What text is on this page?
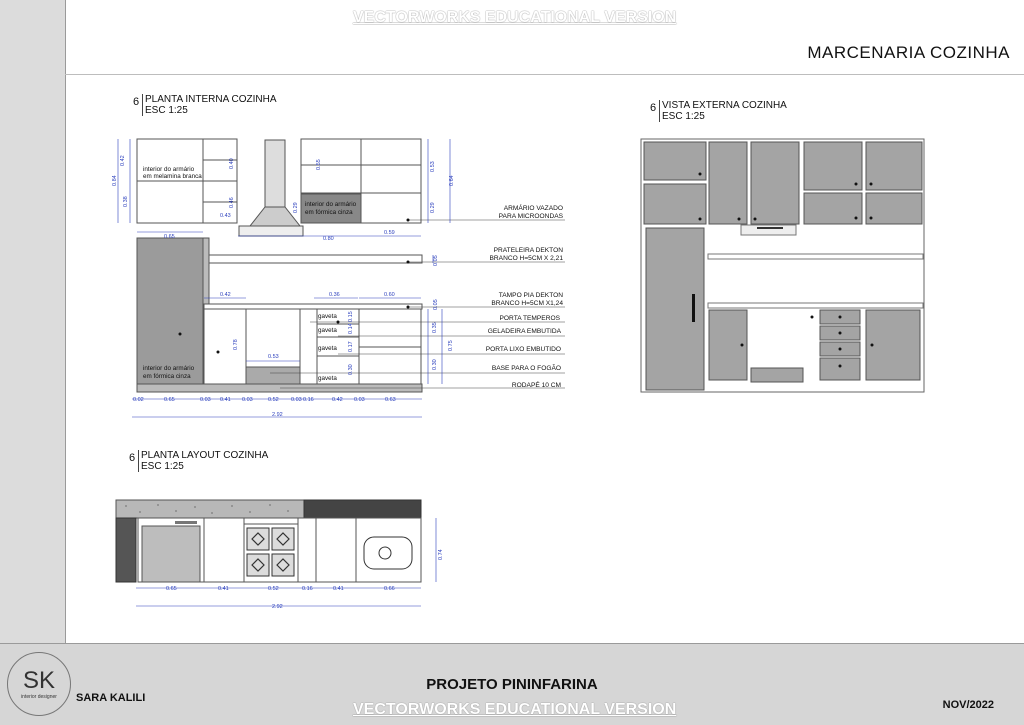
VECTORWORKS EDUCATIONAL VERSION
MARCENARIA COZINHA
6 PLANTA INTERNA COZINHA
ESC 1:25	6 VISTA EXTERNA COZINHA
ESC 1:25
6 PLANTA LAYOUT COZINHA
ESC 1:25
interior do armário
em melamina branca
interior do armário
em fórmica cinza
interior do armário
em fórmica cinza
gaveta
gaveta
gaveta
gaveta
ARMÁRIO VAZADO
PARA MICROONDAS
PRATELEIRA DEKTON
BRANCO H=5CM X 2,21
TAMPO PIA DEKTON
BRANCO H=5CM X1,24
PORTA TEMPEROS
GELADEIRA EMBUTIDA
PORTA LIXO EMBUTIDO
BASE PARA O FOGÃO
RODAPÉ 10 CM
0.42
0.84
0.38
0.40
0.46
0.43
0.55
0.29
0.53
0.64
0.29
0.80
0.59
0.65
0.05
0.42	0.36	0.60
0.05
0.78
0.53
0.15
0.14
0.17
0.30
0.35
0.75
0.30
0.02	0.65	0.03 0.41 0.03	0.52 0.03 0.16	0.42 0.03	0.63
2.92
0.65	0.41	0.52	0.16	0.41	0.66
2.92
0.74
SK
interior designer	SARA KALILI
PROJETO PININFARINA
NOV/2022
VECTORWORKS EDUCATIONAL VERSION
